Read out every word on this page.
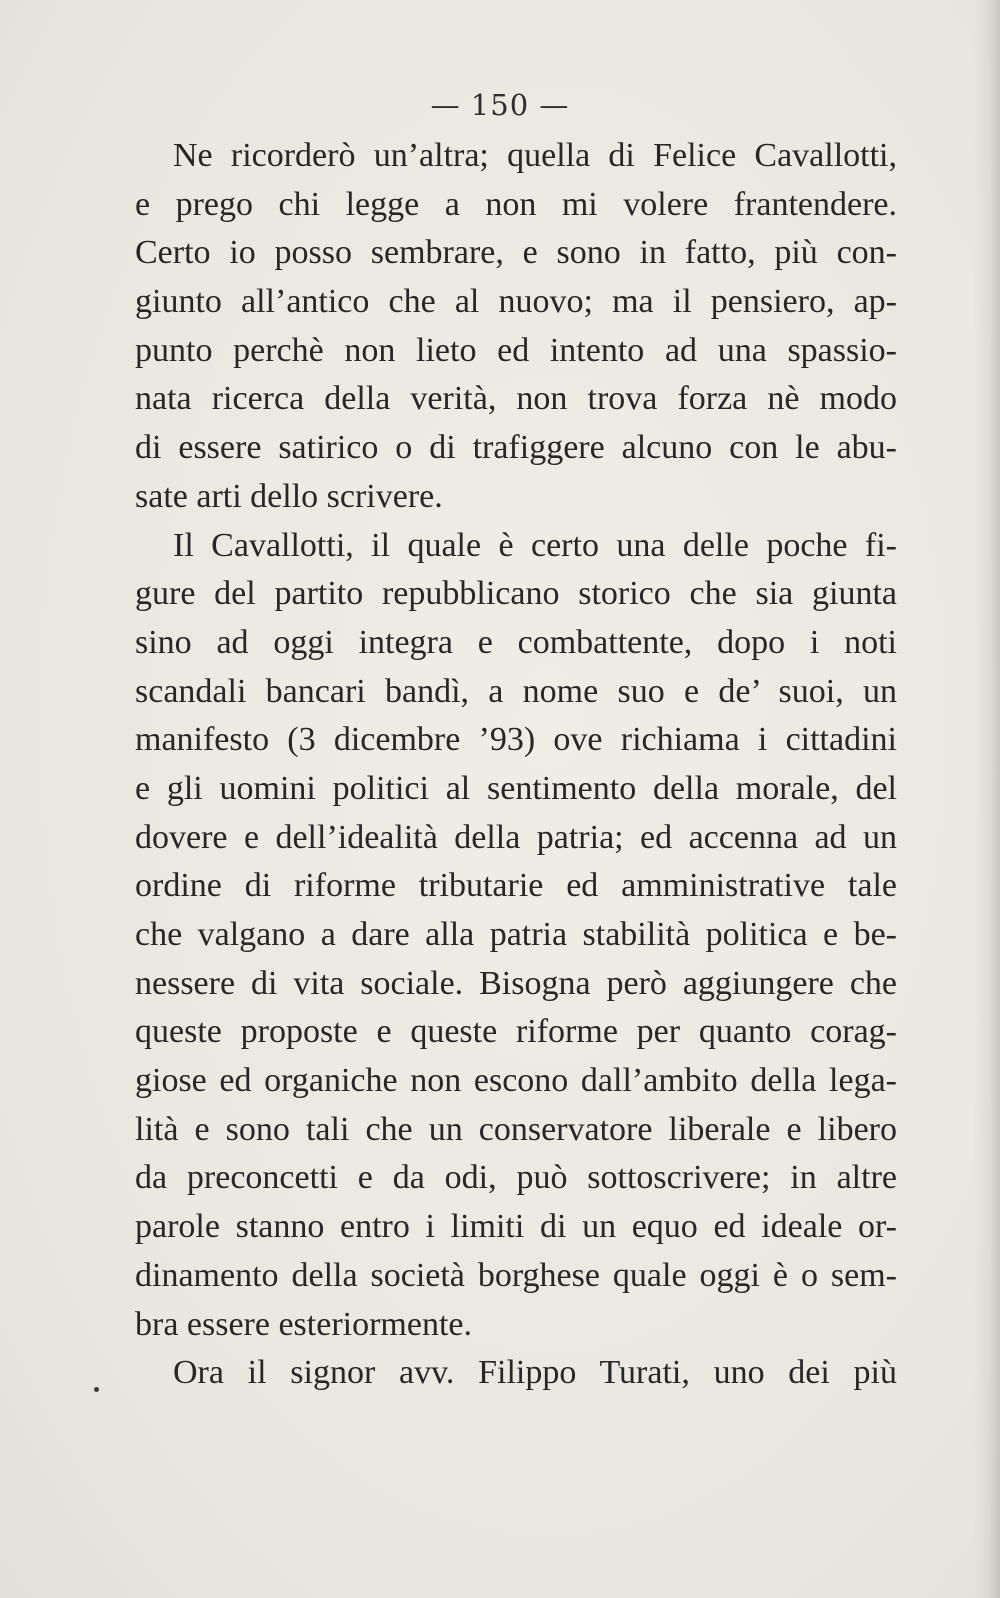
— 150 —
Ne ricorderò un’altra; quella di Felice Cavallotti,
e prego chi legge a non mi volere frantendere.
Certo io posso sembrare, e sono in fatto, più con-
giunto all’antico che al nuovo; ma il pensiero, ap-
punto perchè non lieto ed intento ad una spassio-
nata ricerca della verità, non trova forza nè modo
di essere satirico o di trafiggere alcuno con le abu-
sate arti dello scrivere.
Il Cavallotti, il quale è certo una delle poche fi-
gure del partito repubblicano storico che sia giunta
sino ad oggi integra e combattente, dopo i noti
scandali bancari bandì, a nome suo e de’ suoi, un
manifesto (3 dicembre ’93) ove richiama i cittadini
e gli uomini politici al sentimento della morale, del
dovere e dell’idealità della patria; ed accenna ad un
ordine di riforme tributarie ed amministrative tale
che valgano a dare alla patria stabilità politica e be-
nessere di vita sociale. Bisogna però aggiungere che
queste proposte e queste riforme per quanto corag-
giose ed organiche non escono dall’ambito della lega-
lità e sono tali che un conservatore liberale e libero
da preconcetti e da odi, può sottoscrivere; in altre
parole stanno entro i limiti di un equo ed ideale or-
dinamento della società borghese quale oggi è o sem-
bra essere esteriormente.
Ora il signor avv. Filippo Turati, uno dei più
